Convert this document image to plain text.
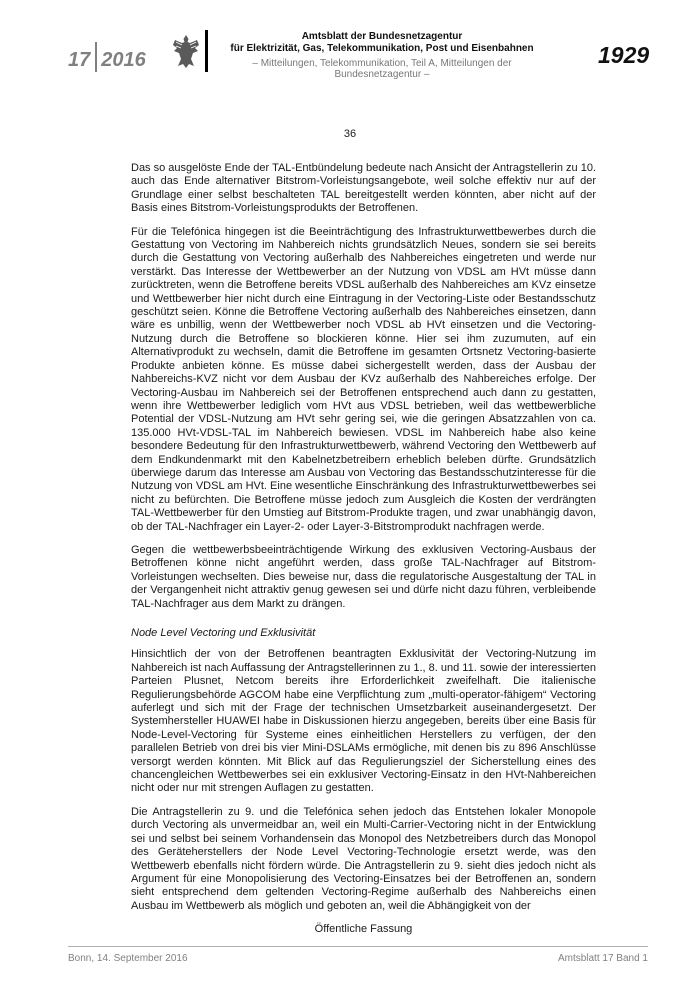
17 2016
Amtsblatt der Bundesnetzagentur
für Elektrizität, Gas, Telekommunikation, Post und Eisenbahnen
– Mitteilungen, Telekommunikation, Teil A, Mitteilungen der Bundesnetzagentur –
1929
36

Das so ausgelöste Ende der TAL-Entbündelung bedeute nach Ansicht der Antragstellerin zu 10. auch das Ende alternativer Bitstrom-Vorleistungsangebote, weil solche effektiv nur auf der Grundlage einer selbst beschalteten TAL bereitgestellt werden könnten, aber nicht auf der Basis eines Bitstrom-Vorleistungsprodukts der Betroffenen.

Für die Telefónica hingegen ist die Beeinträchtigung des Infrastrukturwettbewerbes durch die Gestattung von Vectoring im Nahbereich nichts grundsätzlich Neues, sondern sie sei bereits durch die Gestattung von Vectoring außerhalb des Nahbereiches eingetreten und werde nur verstärkt. Das Interesse der Wettbewerber an der Nutzung von VDSL am HVt müsse dann zurücktreten, wenn die Betroffene bereits VDSL außerhalb des Nahbereiches am KVz einsetze und Wettbewerber hier nicht durch eine Eintragung in der Vectoring-Liste oder Bestandsschutz geschützt seien. Könne die Betroffene Vectoring außerhalb des Nahbereiches einsetzen, dann wäre es unbillig, wenn der Wettbewerber noch VDSL ab HVt einsetzen und die Vectoring-Nutzung durch die Betroffene so blockieren könne. Hier sei ihm zuzumuten, auf ein Alternativprodukt zu wechseln, damit die Betroffene im gesamten Ortsnetz Vectoring-basierte Produkte anbieten könne. Es müsse dabei sichergestellt werden, dass der Ausbau der Nahbereichs-KVZ nicht vor dem Ausbau der KVz außerhalb des Nahbereiches erfolge. Der Vectoring-Ausbau im Nahbereich sei der Betroffenen entsprechend auch dann zu gestatten, wenn ihre Wettbewerber lediglich vom HVt aus VDSL betrieben, weil das wettbewerbliche Potential der VDSL-Nutzung am HVt sehr gering sei, wie die geringen Absatzzahlen von ca. 135.000 HVt-VDSL-TAL im Nahbereich bewiesen. VDSL im Nahbereich habe also keine besondere Bedeutung für den Infrastrukturwettbewerb, während Vectoring den Wettbewerb auf dem Endkundenmarkt mit den Kabelnetzbetreibern erheblich beleben dürfte. Grundsätzlich überwiege darum das Interesse am Ausbau von Vectoring das Bestandsschutzinteresse für die Nutzung von VDSL am HVt. Eine wesentliche Einschränkung des Infrastrukturwettbewerbes sei nicht zu befürchten. Die Betroffene müsse jedoch zum Ausgleich die Kosten der verdrängten TAL-Wettbewerber für den Umstieg auf Bitstrom-Produkte tragen, und zwar unabhängig davon, ob der TAL-Nachfrager ein Layer-2- oder Layer-3-Bitstromprodukt nachfragen werde.

Gegen die wettbewerbsbeeinträchtigende Wirkung des exklusiven Vectoring-Ausbaus der Betroffenen könne nicht angeführt werden, dass große TAL-Nachfrager auf Bitstrom-Vorleistungen wechselten. Dies beweise nur, dass die regulatorische Ausgestaltung der TAL in der Vergangenheit nicht attraktiv genug gewesen sei und dürfe nicht dazu führen, verbleibende TAL-Nachfrager aus dem Markt zu drängen.

Node Level Vectoring und Exklusivität

Hinsichtlich der von der Betroffenen beantragten Exklusivität der Vectoring-Nutzung im Nahbereich ist nach Auffassung der Antragstellerinnen zu 1., 8. und 11. sowie der interessierten Parteien Plusnet, Netcom bereits ihre Erforderlichkeit zweifelhaft. Die italienische Regulierungsbehörde AGCOM habe eine Verpflichtung zum „multi-operator-fähigem“ Vectoring auferlegt und sich mit der Frage der technischen Umsetzbarkeit auseinandergesetzt. Der Systemhersteller HUAWEI habe in Diskussionen hierzu angegeben, bereits über eine Basis für Node-Level-Vectoring für Systeme eines einheitlichen Herstellers zu verfügen, der den parallelen Betrieb von drei bis vier Mini-DSLAMs ermögliche, mit denen bis zu 896 Anschlüsse versorgt werden könnten. Mit Blick auf das Regulierungsziel der Sicherstellung eines des chancengleichen Wettbewerbes sei ein exklusiver Vectoring-Einsatz in den HVt-Nahbereichen nicht oder nur mit strengen Auflagen zu gestatten.

Die Antragstellerin zu 9. und die Telefónica sehen jedoch das Entstehen lokaler Monopole durch Vectoring als unvermeidbar an, weil ein Multi-Carrier-Vectoring nicht in der Entwicklung sei und selbst bei seinem Vorhandensein das Monopol des Netzbetreibers durch das Monopol des Geräteherstellers der Node Level Vectoring-Technologie ersetzt werde, was den Wettbewerb ebenfalls nicht fördern würde. Die Antragstellerin zu 9. sieht dies jedoch nicht als Argument für eine Monopolisierung des Vectoring-Einsatzes bei der Betroffenen an, sondern sieht entsprechend dem geltenden Vectoring-Regime außerhalb des Nahbereichs einen Ausbau im Wettbewerb als möglich und geboten an, weil die Abhängigkeit von der

Öffentliche Fassung

Bonn, 14. September 2016	Amtsblatt 17 Band 1
